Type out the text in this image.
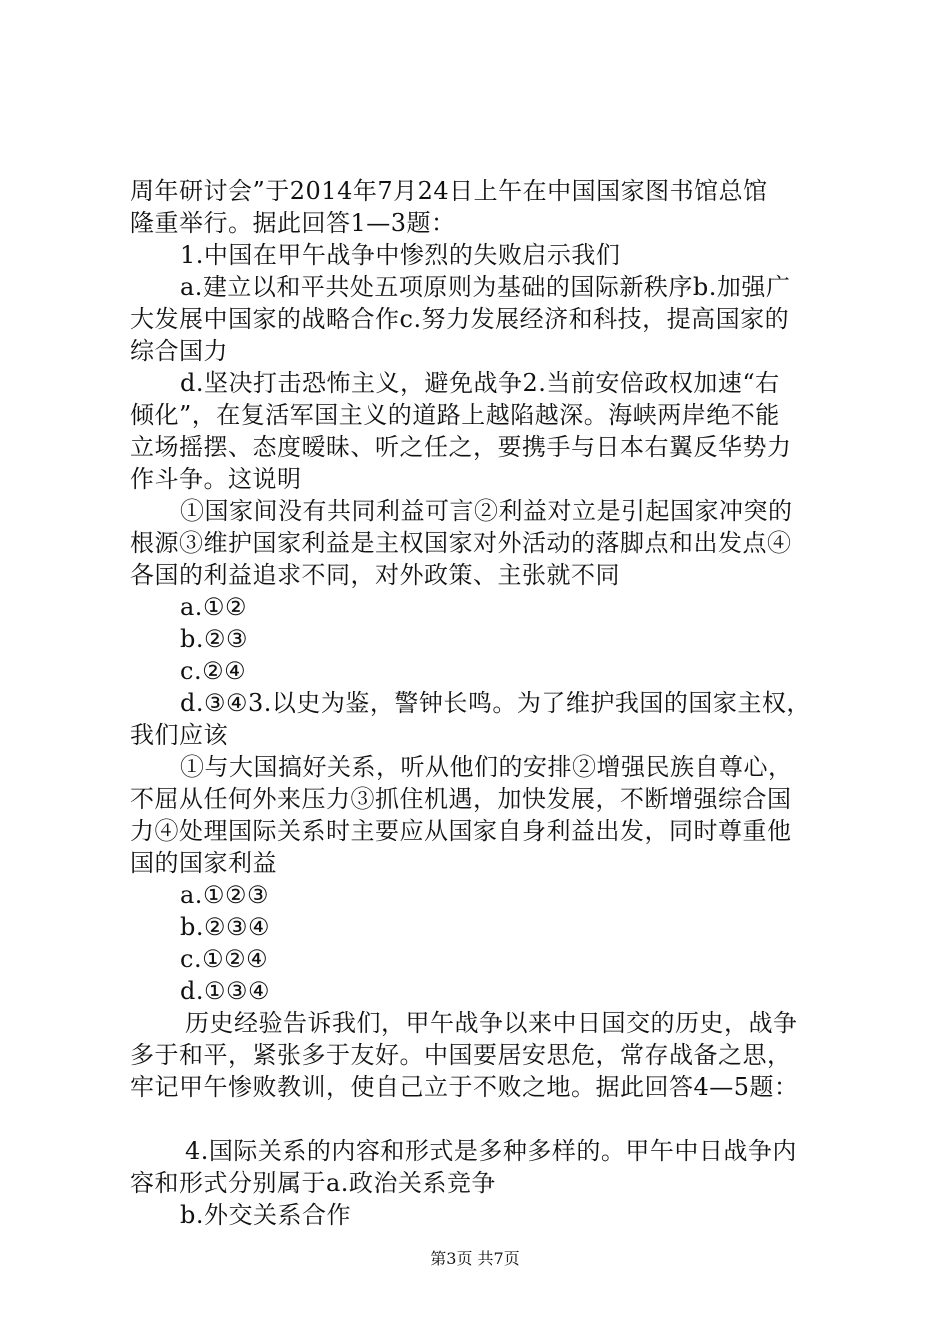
周年研讨会”于2014年7月24日上午在中国国家图书馆总馆
隆重举行。据此回答1—3题：
1.中国在甲午战争中惨烈的失败启示我们
a.建立以和平共处五项原则为基础的国际新秩序b.加强广
大发展中国家的战略合作c.努力发展经济和科技，提高国家的
综合国力
d.坚决打击恐怖主义，避免战争2.当前安倍政权加速“右
倾化”，在复活军国主义的道路上越陷越深。海峡两岸绝不能
立场摇摆、态度暧昧、听之任之，要携手与日本右翼反华势力
作斗争。这说明
①国家间没有共同利益可言②利益对立是引起国家冲突的
根源③维护国家利益是主权国家对外活动的落脚点和出发点④
各国的利益追求不同，对外政策、主张就不同
a.①②
b.②③
c.②④
d.③④3.以史为鉴，警钟长鸣。为了维护我国的国家主权，
我们应该
①与大国搞好关系，听从他们的安排②增强民族自尊心，
不屈从任何外来压力③抓住机遇，加快发展，不断增强综合国
力④处理国际关系时主要应从国家自身利益出发，同时尊重他
国的国家利益
a.①②③
b.②③④
c.①②④
d.①③④
历史经验告诉我们，甲午战争以来中日国交的历史，战争
多于和平，紧张多于友好。中国要居安思危，常存战备之思，
牢记甲午惨败教训，使自己立于不败之地。据此回答4—5题：
4.国际关系的内容和形式是多种多样的。甲午中日战争内
容和形式分别属于a.政治关系竞争
b.外交关系合作
第3页 共7页
